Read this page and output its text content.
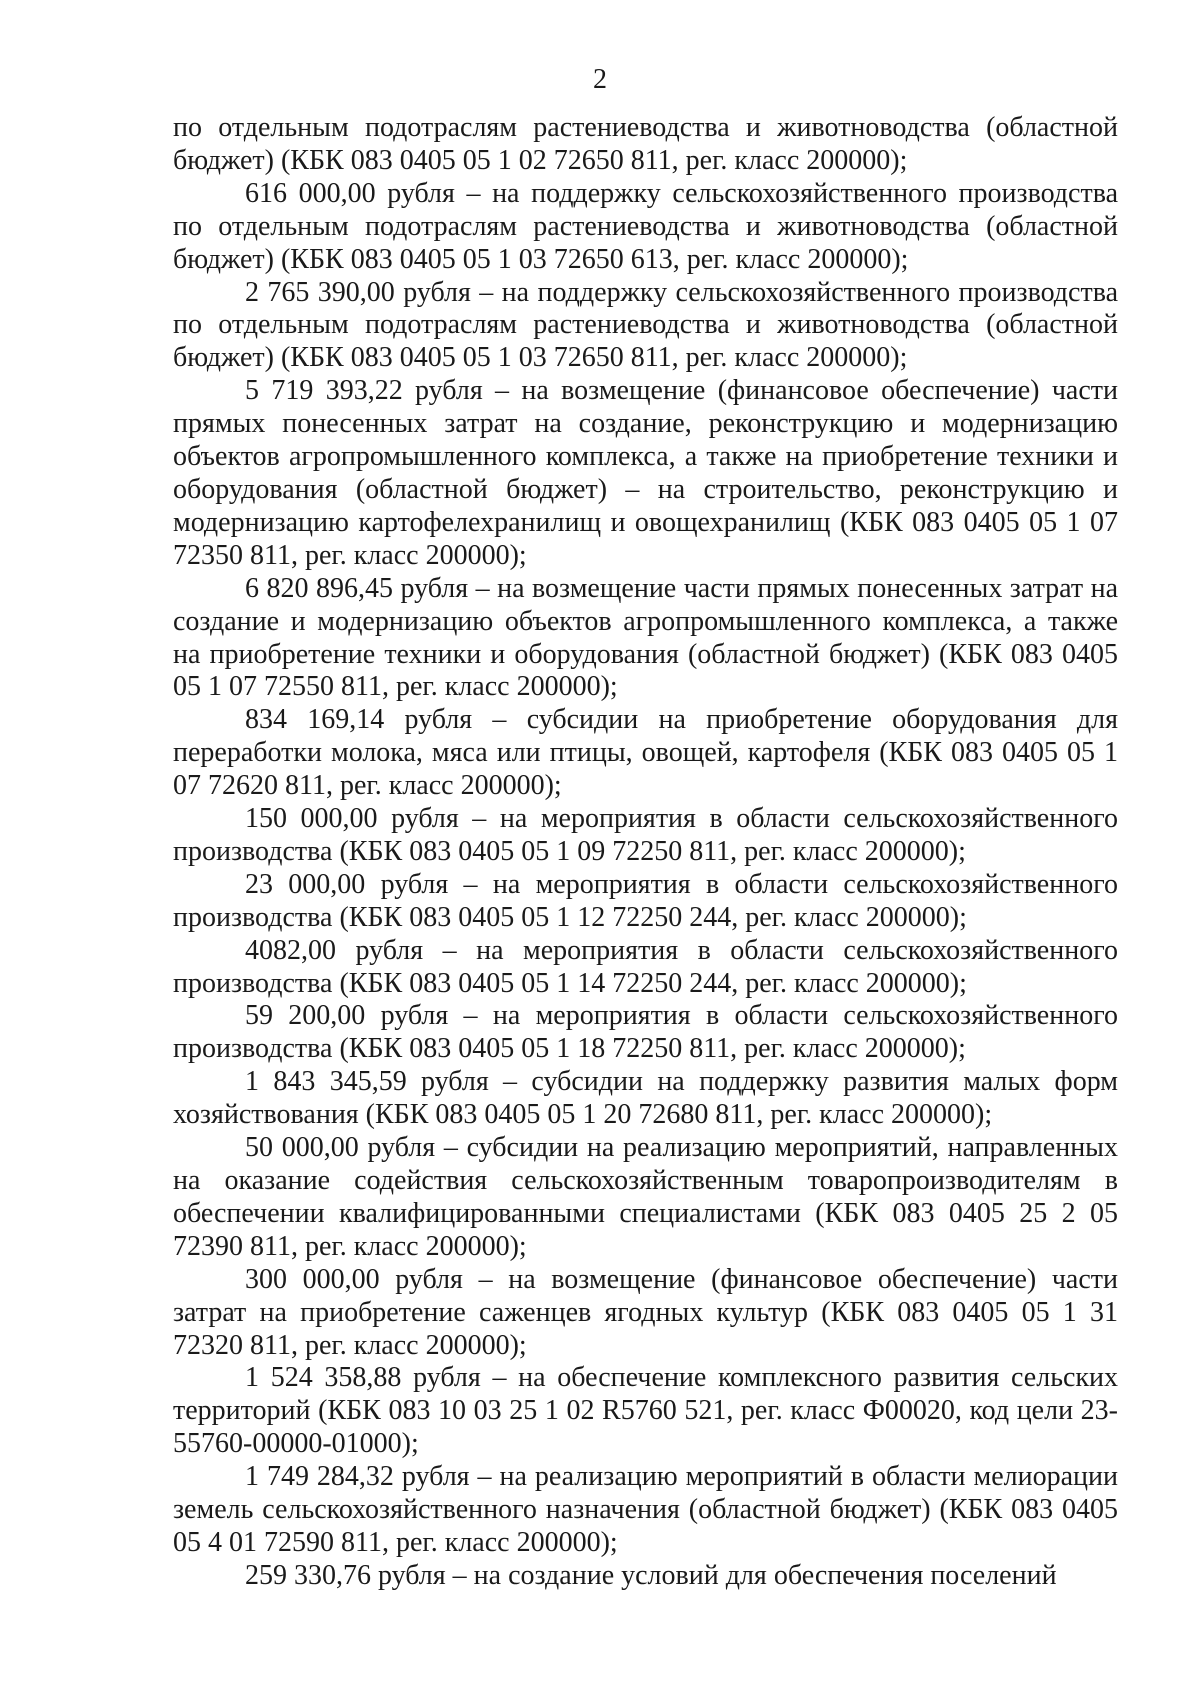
2

по отдельным подотраслям растениеводства и животноводства (областной бюджет) (КБК 083 0405 05 1 02 72650 811, рег. класс 200000);

616 000,00 рубля – на поддержку сельскохозяйственного производства по отдельным подотраслям растениеводства и животноводства (областной бюджет) (КБК 083 0405 05 1 03 72650 613, рег. класс 200000);

2 765 390,00 рубля – на поддержку сельскохозяйственного производства по отдельным подотраслям растениеводства и животноводства (областной бюджет) (КБК 083 0405 05 1 03 72650 811, рег. класс 200000);

5 719 393,22 рубля – на возмещение (финансовое обеспечение) части прямых понесенных затрат на создание, реконструкцию и модернизацию объектов агропромышленного комплекса, а также на приобретение техники и оборудования (областной бюджет) – на строительство, реконструкцию и модернизацию картофелехранилищ и овощехранилищ (КБК 083 0405 05 1 07 72350 811, рег. класс 200000);

6 820 896,45 рубля – на возмещение части прямых понесенных затрат на создание и модернизацию объектов агропромышленного комплекса, а также на приобретение техники и оборудования (областной бюджет) (КБК 083 0405 05 1 07 72550 811, рег. класс 200000);

834 169,14 рубля – субсидии на приобретение оборудования для переработки молока, мяса или птицы, овощей, картофеля (КБК 083 0405 05 1 07 72620 811, рег. класс 200000);

150 000,00 рубля – на мероприятия в области сельскохозяйственного производства (КБК 083 0405 05 1 09 72250 811, рег. класс 200000);

23 000,00 рубля – на мероприятия в области сельскохозяйственного производства (КБК 083 0405 05 1 12 72250 244, рег. класс 200000);

4082,00 рубля – на мероприятия в области сельскохозяйственного производства (КБК 083 0405 05 1 14 72250 244, рег. класс 200000);

59 200,00 рубля – на мероприятия в области сельскохозяйственного производства (КБК 083 0405 05 1 18 72250 811, рег. класс 200000);

1 843 345,59 рубля – субсидии на поддержку развития малых форм хозяйствования (КБК 083 0405 05 1 20 72680 811, рег. класс 200000);

50 000,00 рубля – субсидии на реализацию мероприятий, направленных на оказание содействия сельскохозяйственным товаропроизводителям в обеспечении квалифицированными специалистами (КБК 083 0405 25 2 05 72390 811, рег. класс 200000);

300 000,00 рубля – на возмещение (финансовое обеспечение) части затрат на приобретение саженцев ягодных культур (КБК 083 0405 05 1 31 72320 811, рег. класс 200000);

1 524 358,88 рубля – на обеспечение комплексного развития сельских территорий (КБК 083 10 03 25 1 02 R5760 521, рег. класс Ф00020, код цели 23-55760-00000-01000);

1 749 284,32 рубля – на реализацию мероприятий в области мелиорации земель сельскохозяйственного назначения (областной бюджет) (КБК 083 0405 05 4 01 72590 811, рег. класс 200000);

259 330,76 рубля – на создание условий для обеспечения поселений
